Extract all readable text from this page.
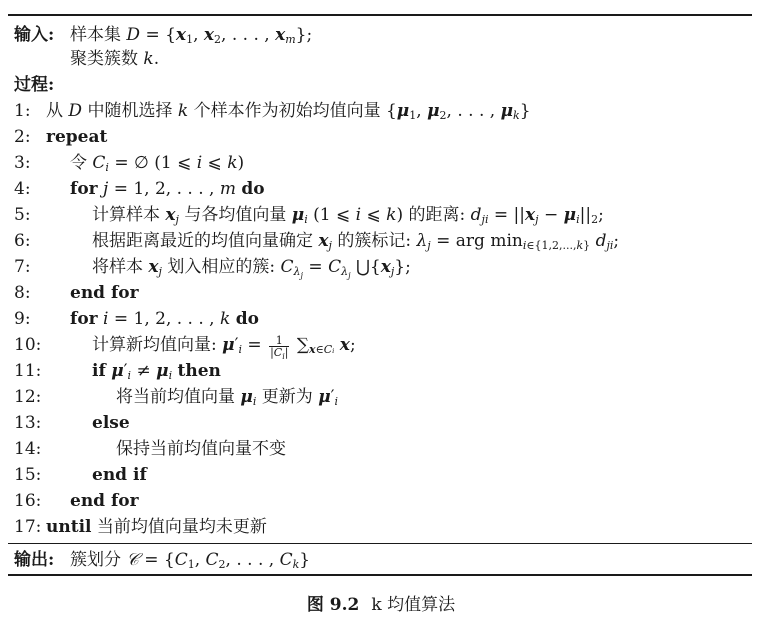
输入: 样本集 $D = \{x_1$, $x_2$, . . . , $x_m$};
聚类簇数 k.
过程:
1: 从 D 中随机选择 k 个样本作为初始均值向量 {$\mu_1$, $\mu_2$, . . . , $\mu_k$}
2: repeat
3:	令 $C_i$ = ∅ (1 ⩽ i ⩽ k)
4:	for j = 1, 2, . . . , m do
5:	计算样本 $x_j$ 与各均值向量 $\mu_i$ (1 ⩽ i ⩽ k) 的距离: $d_{ji} = ||x_j - \mu_i||_2$;
6:	根据距离最近的均值向量确定 $x_j$ 的簇标记: $\lambda_j$ = arg $\min_{i\in\{1,2,...,k\}} d_{ji}$;
7:	将样本 $x_j$ 划入相应的簇: $C_{\lambda_j} = C_{\lambda_j}$ $⋃\{x_j\}$;
8:	end for
9:	for i = 1, 2, . . . , k do
10:	计算新均值向量: $\mu'_i = \frac{1}{|C_i|} \sum_{x\in Cᵢ}$ x;
11:	if $\mu'_i \ne \mu_i$ then
12:	将当前均值向量 $\mu_i$ 更新为 $\mu'_i$
13:	else
14:	保持当前均值向量不变
15:	end if
16: end for
17: until 当前均值向量均未更新
输出: 簇划分 𝒞 = {$C_1$, $C_2$, . . . , $C_k$}
图 9.2 k 均值算法
